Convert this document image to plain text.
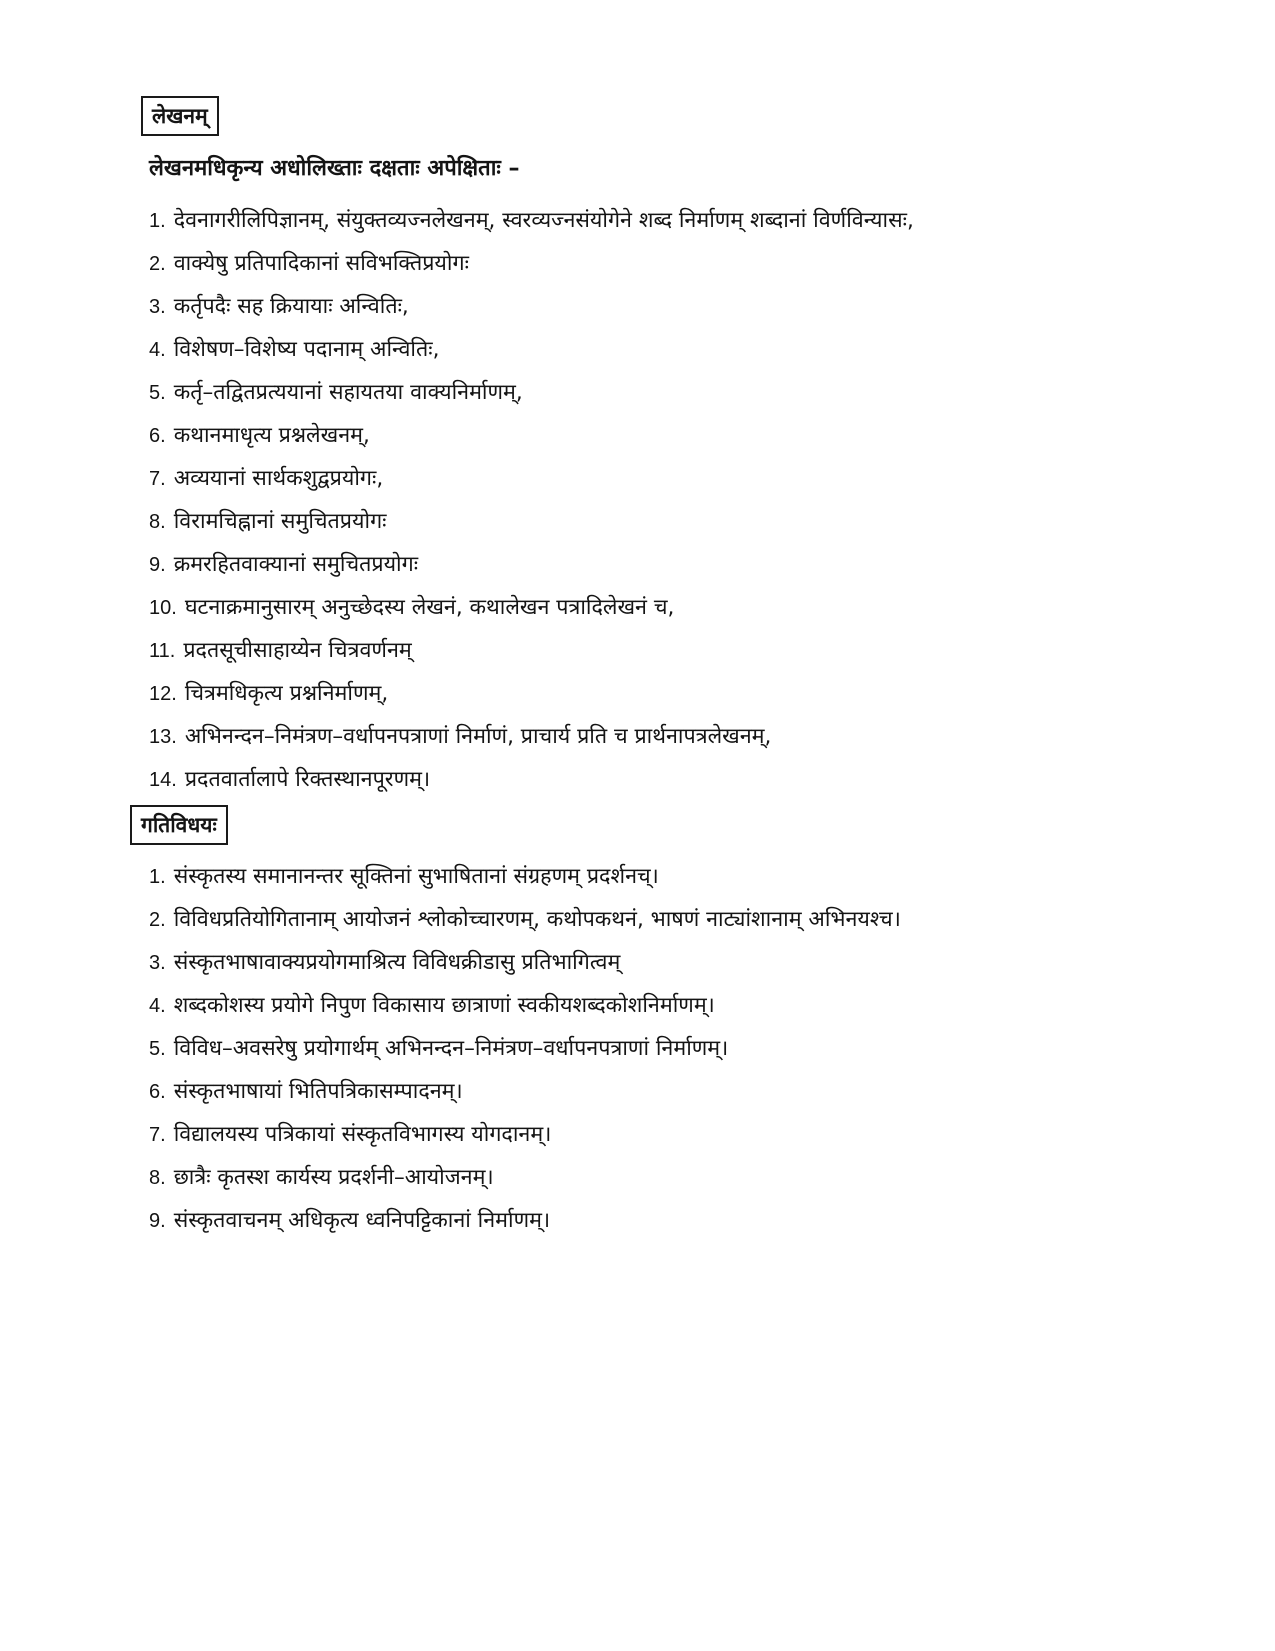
लेखनम्
लेखनमधिकृन्य अधोलिख्ताः दक्षताः अपेक्षिताः –
1. देवनागरीलिपिज्ञानम्, संयुक्तव्यज्नलेखनम्, स्वरव्यज्नसंयोगेने शब्द निर्माणम् शब्दानां विर्णविन्यासः,
2. वाक्येषु प्रतिपादिकानां सविभक्तिप्रयोगः
3. कर्तृपदैः सह क्रियायाः अन्वितिः,
4. विशेषण–विशेष्य पदानाम् अन्वितिः,
5. कर्तृ–तद्वितप्रत्ययानां सहायतया वाक्यनिर्माणम्,
6. कथानमाधृत्य प्रश्नलेखनम्,
7. अव्ययानां सार्थकशुद्वप्रयोगः,
8. विरामचिह्नानां समुचितप्रयोगः
9. क्रमरहितवाक्यानां समुचितप्रयोगः
10. घटनाक्रमानुसारम् अनुच्छेदस्य लेखनं, कथालेखन पत्रादिलेखनं च,
11. प्रदतसूचीसाहाय्येन चित्रवर्णनम्
12. चित्रमधिकृत्य प्रश्ननिर्माणम्,
13. अभिनन्दन–निमंत्रण–वर्धापनपत्राणां निर्माणं, प्राचार्य प्रति च प्रार्थनापत्रलेखनम्,
14. प्रदतवार्तालापे रिक्तस्थानपूरणम्।
गतिविधयः
1. संस्कृतस्य समानानन्तर सूक्तिनां सुभाषितानां संग्रहणम् प्रदर्शनच्।
2. विविधप्रतियोगितानाम् आयोजनं श्लोकोच्चारणम्, कथोपकथनं, भाषणं नाट्यांशानाम् अभिनयश्च।
3. संस्कृतभाषावाक्यप्रयोगमाश्रित्य विविधक्रीडासु प्रतिभागित्वम्
4. शब्दकोशस्य प्रयोगे निपुण विकासाय छात्राणां स्वकीयशब्दकोशनिर्माणम्।
5. विविध–अवसरेषु प्रयोगार्थम् अभिनन्दन–निमंत्रण–वर्धापनपत्राणां निर्माणम्।
6. संस्कृतभाषायां भितिपत्रिकासम्पादनम्।
7. विद्यालयस्य पत्रिकायां संस्कृतविभागस्य योगदानम्।
8. छात्रैः कृतस्श कार्यस्य प्रदर्शनी–आयोजनम्।
9. संस्कृतवाचनम् अधिकृत्य ध्वनिपट्टिकानां निर्माणम्।
